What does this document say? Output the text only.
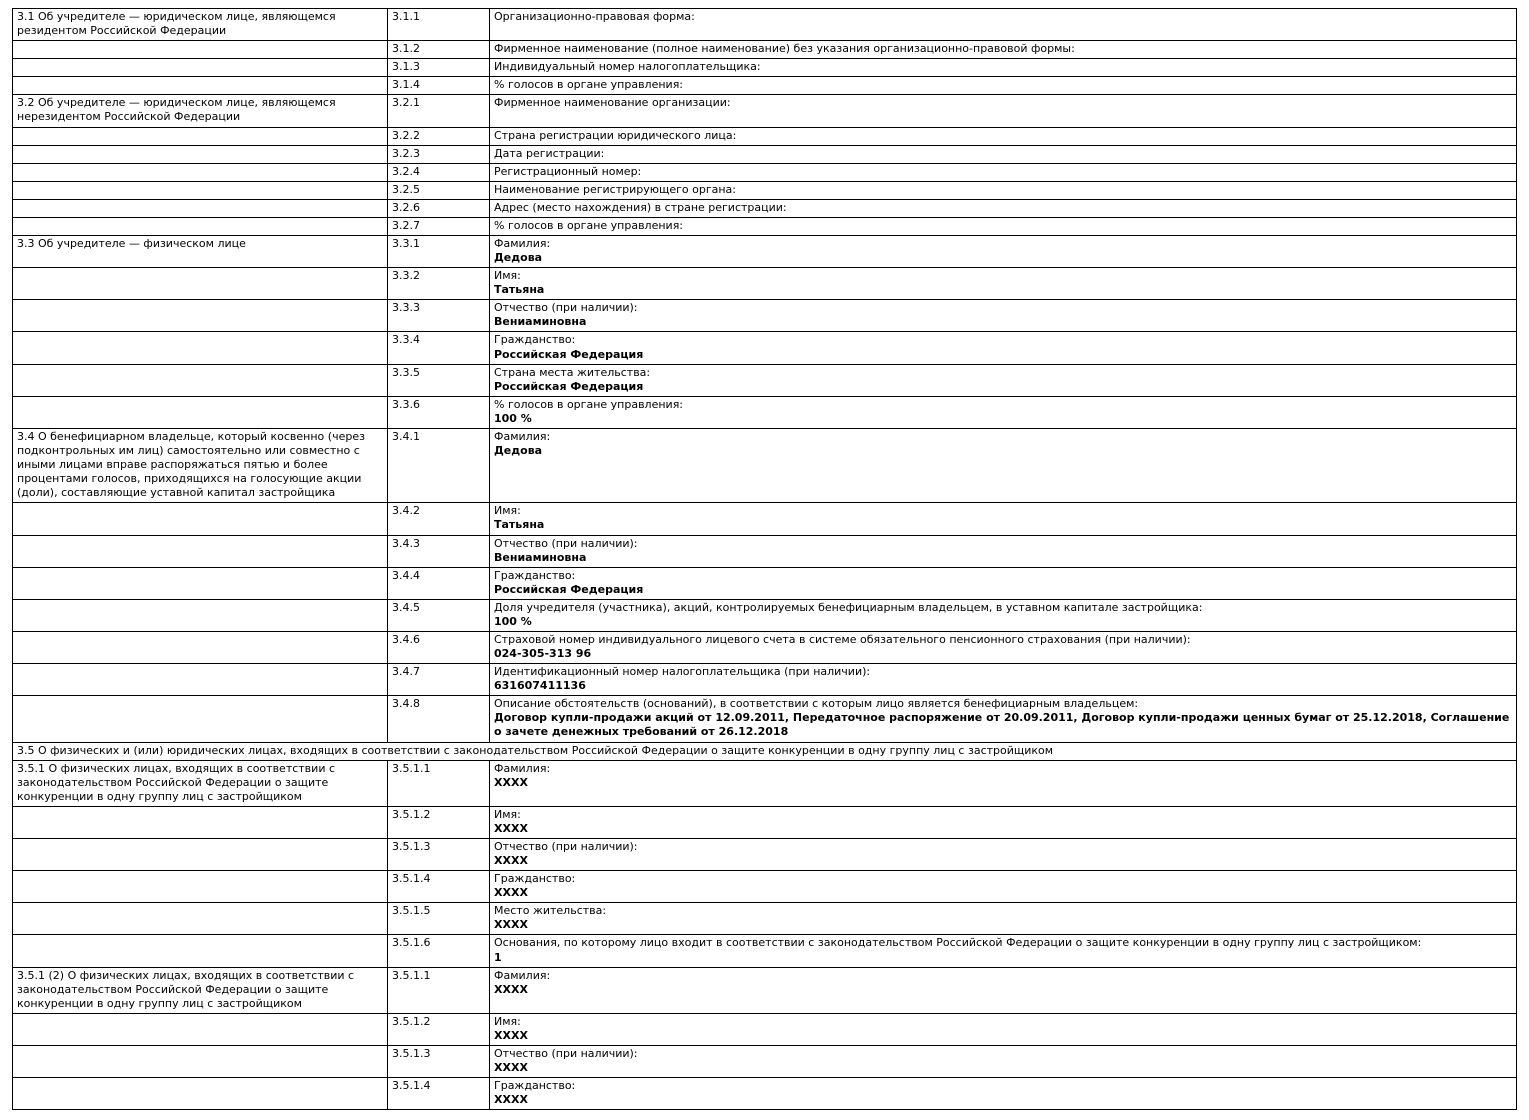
3.1 Об учредителе — юридическом лице, являющемся резидентом Российской Федерации	3.1.1	Организационно-правовая форма:

	3.1.2	Фирменное наименование (полное наименование) без указания организационно-правовой формы:

	3.1.3	Индивидуальный номер налогоплательщика:

	3.1.4	% голосов в органе управления:

3.2 Об учредителе — юридическом лице, являющемся нерезидентом Российской Федерации	3.2.1	Фирменное наименование организации:

	3.2.2	Страна регистрации юридического лица:

	3.2.3	Дата регистрации:

	3.2.4	Регистрационный номер:

	3.2.5	Наименование регистрирующего органа:

	3.2.6	Адрес (место нахождения) в стране регистрации:

	3.2.7	% голосов в органе управления:

3.3 Об учредителе — физическом лице	3.3.1	Фамилия:
Дедова

	3.3.2	Имя:
Татьяна

	3.3.3	Отчество (при наличии):
Вениаминовна

	3.3.4	Гражданство:
Российская Федерация

	3.3.5	Страна места жительства:
Российская Федерация

	3.3.6	% голосов в органе управления:
100 %

3.4 О бенефициарном владельце, который косвенно (через подконтрольных им лиц) самостоятельно или совместно с иными лицами вправе распоряжаться пятью и более процентами голосов, приходящихся на голосующие акции (доли), составляющие уставной капитал застройщика	3.4.1	Фамилия:
Дедова

	3.4.2	Имя:
Татьяна

	3.4.3	Отчество (при наличии):
Вениаминовна

	3.4.4	Гражданство:
Российская Федерация

	3.4.5	Доля учредителя (участника), акций, контролируемых бенефициарным владельцем, в уставном капитале застройщика:
100 %

	3.4.6	Страховой номер индивидуального лицевого счета в системе обязательного пенсионного страхования (при наличии):
024-305-313 96

	3.4.7	Идентификационный номер налогоплательщика (при наличии):
631607411136

	3.4.8	Описание обстоятельств (оснований), в соответствии с которым лицо является бенефициарным владельцем:
Договор купли-продажи акций от 12.09.2011, Передаточное распоряжение от 20.09.2011, Договор купли-продажи ценных бумаг от 25.12.2018, Соглашение о зачете денежных требований от 26.12.2018

3.5 О физических и (или) юридических лицах, входящих в соответствии с законодательством Российской Федерации о защите конкуренции в одну группу лиц с застройщиком		
3.5.1 О физических лицах, входящих в соответствии с законодательством Российской Федерации о защите конкуренции в одну группу лиц с застройщиком	3.5.1.1	Фамилия:
XXXX

	3.5.1.2	Имя:
XXXX

	3.5.1.3	Отчество (при наличии):
XXXX

	3.5.1.4	Гражданство:
XXXX

	3.5.1.5	Место жительства:
XXXX

	3.5.1.6	Основания, по которому лицо входит в соответствии с законодательством Российской Федерации о защите конкуренции в одну группу лиц с застройщиком:
1

3.5.1 (2) О физических лицах, входящих в соответствии с законодательством Российской Федерации о защите конкуренции в одну группу лиц с застройщиком	3.5.1.1	Фамилия:
XXXX

	3.5.1.2	Имя:
XXXX

	3.5.1.3	Отчество (при наличии):
XXXX

	3.5.1.4	Гражданство:
XXXX
